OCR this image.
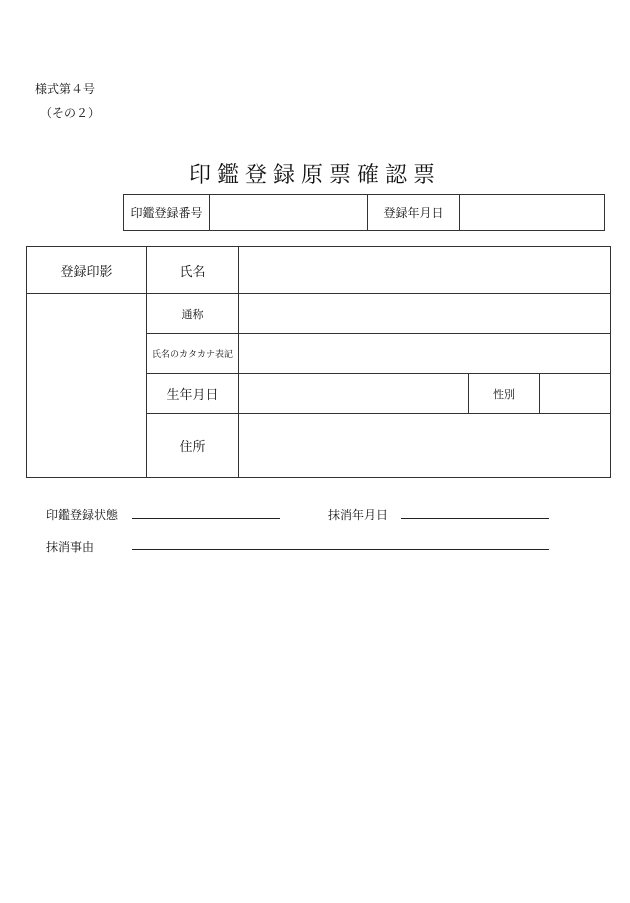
様式第４号
（その２）
印鑑登録原票確認票
印鑑登録番号		登録年月日	
登録印影	氏名			
	通称			
	氏名のカタカナ表記			
	生年月日		性別	
	住所			
印鑑登録状態	抹消年月日
抹消事由
